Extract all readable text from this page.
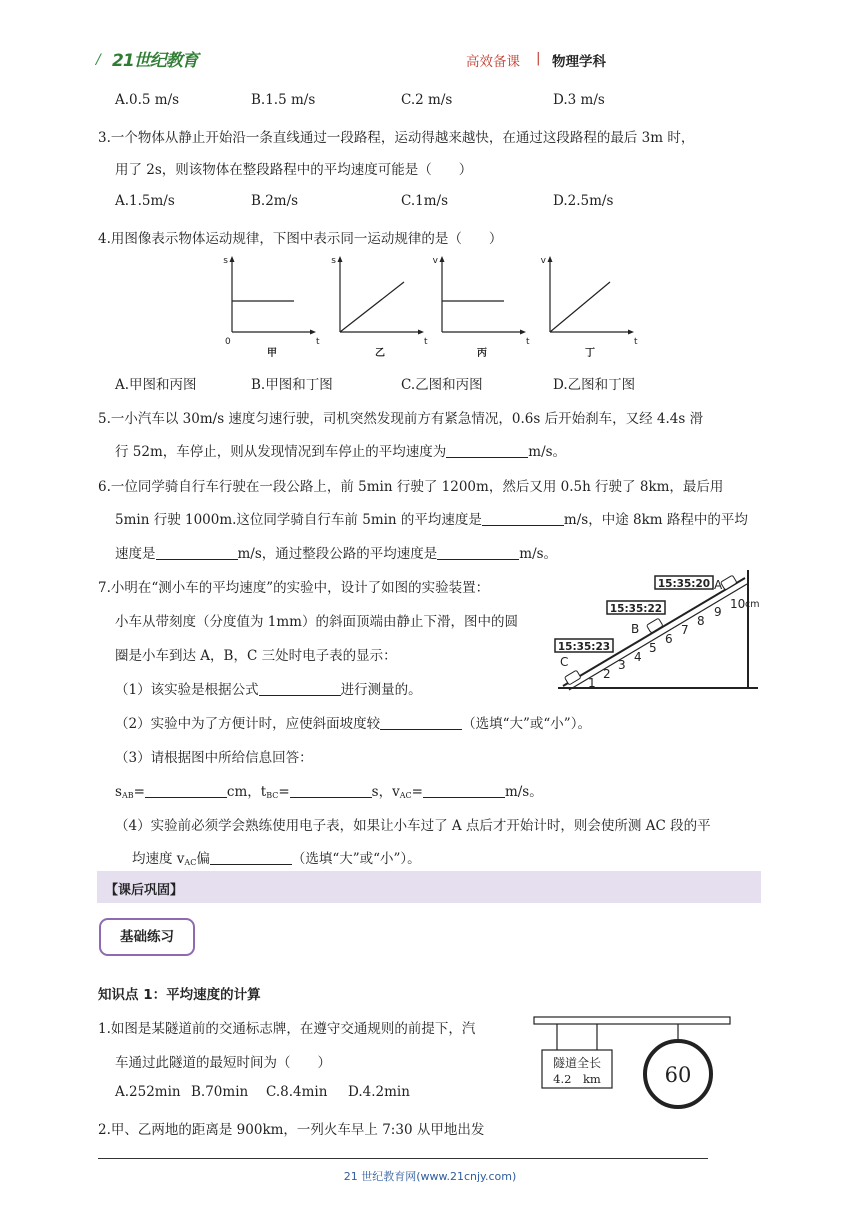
/ 21世纪教育	高效备课 | 物理学科
A.0.5 m/s	B.1.5 m/s	C.2 m/s	D.3 m/s
3.一个物体从静止开始沿一条直线通过一段路程，运动得越来越快，在通过这段路程的最后 3m 时，
用了 2s，则该物体在整段路程中的平均速度可能是（　　）
A.1.5m/s	B.2m/s	C.1m/s	D.2.5m/s
4.用图像表示物体运动规律，下图中表示同一运动规律的是（　　）
s
t
0
甲
s
t
乙
v
t
丙
v
t
丁
A.甲图和丙图	B.甲图和丁图	C.乙图和丙图	D.乙图和丁图
5.一小汽车以 30m/s 速度匀速行驶，司机突然发现前方有紧急情况，0.6s 后开始刹车，又经 4.4s 滑
行 52m，车停止，则从发现情况到车停止的平均速度为	m/s。
6.一位同学骑自行车行驶在一段公路上，前 5min 行驶了 1200m，然后又用 0.5h 行驶了 8km，最后用
5min 行驶 1000m.这位同学骑自行车前 5min 的平均速度是	m/s，中途 8km 路程中的平均
速度是	m/s，通过整段公路的平均速度是	m/s。
7.小明在“测小车的平均速度”的实验中，设计了如图的实验装置：
小车从带刻度（分度值为 1mm）的斜面顶端由静止下滑，图中的圆
圈是小车到达 A，B，C 三处时电子表的显示：
（1）该实验是根据公式	进行测量的。
（2）实验中为了方便计时，应使斜面坡度较	（选填“大”或“小”）。
（3）请根据图中所给信息回答：
$s_{AB}=$	cm，$t_{BC}=$	s，$v_{AC}=$	m/s。
（4）实验前必须学会熟练使用电子表，如果让小车过了 A 点后才开始计时，则会使所测 AC 段的平
均速度 $v_{AC}$偏	（选填“大”或“小”）。
15:35:20 A
15:35:22
B
15:35:23
C
1
2
3
4
5
6
7
8
9
10 cm
【课后巩固】
基础练习
知识点 1：平均速度的计算
1.如图是某隧道前的交通标志牌，在遵守交通规则的前提下，汽
车通过此隧道的最短时间为（　　）
A.252min B.70min C.8.4min D.4.2min
隧道全长
4.2　km	60
2.甲、乙两地的距离是 900km，一列火车早上 7:30 从甲地出发
21 世纪教育网(www.21cnjy.com)
